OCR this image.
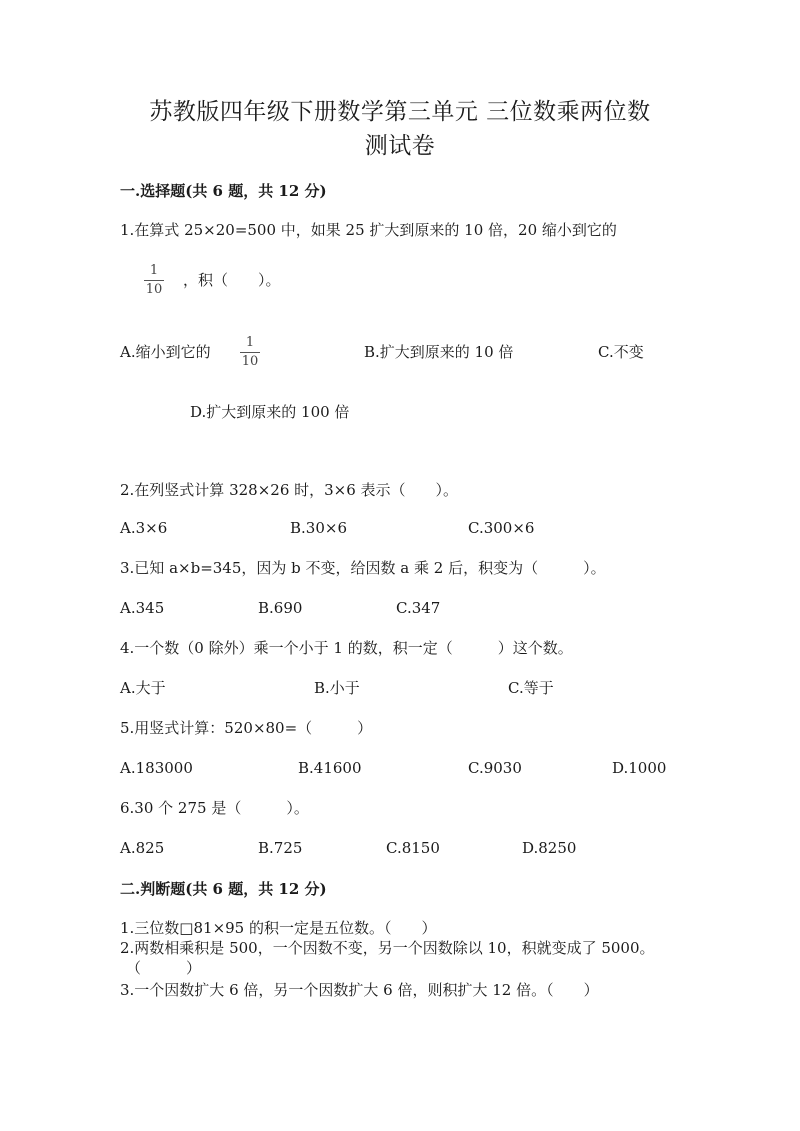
苏教版四年级下册数学第三单元 三位数乘两位数
测试卷
一.选择题(共 6 题，共 12 分)
1.在算式 25×20=500 中，如果 25 扩大到原来的 10 倍，20 缩小到它的
1
10
，积（　　）。
A.缩小到它的
1
10
B.扩大到原来的 10 倍	C.不变
D.扩大到原来的 100 倍
2.在列竖式计算 328×26 时，3×6 表示（　　）。
A.3×6	B.30×6	C.300×6
3.已知 a×b=345，因为 b 不变，给因数 a 乘 2 后，积变为（　　　）。
A.345	B.690	C.347
4.一个数（0 除外）乘一个小于 1 的数，积一定（　　　）这个数。
A.大于	B.小于	C.等于
5.用竖式计算：520×80=（　　　）
A.183000	B.41600	C.9030	D.1000
6.30 个 275 是（　　　）。
A.825	B.725	C.8150	D.8250
二.判断题(共 6 题，共 12 分)
1.三位数□81×95 的积一定是五位数。（　　）
2.两数相乘积是 500，一个因数不变，另一个因数除以 10，积就变成了 5000。
（　　　）
3.一个因数扩大 6 倍，另一个因数扩大 6 倍，则积扩大 12 倍。（　　）
